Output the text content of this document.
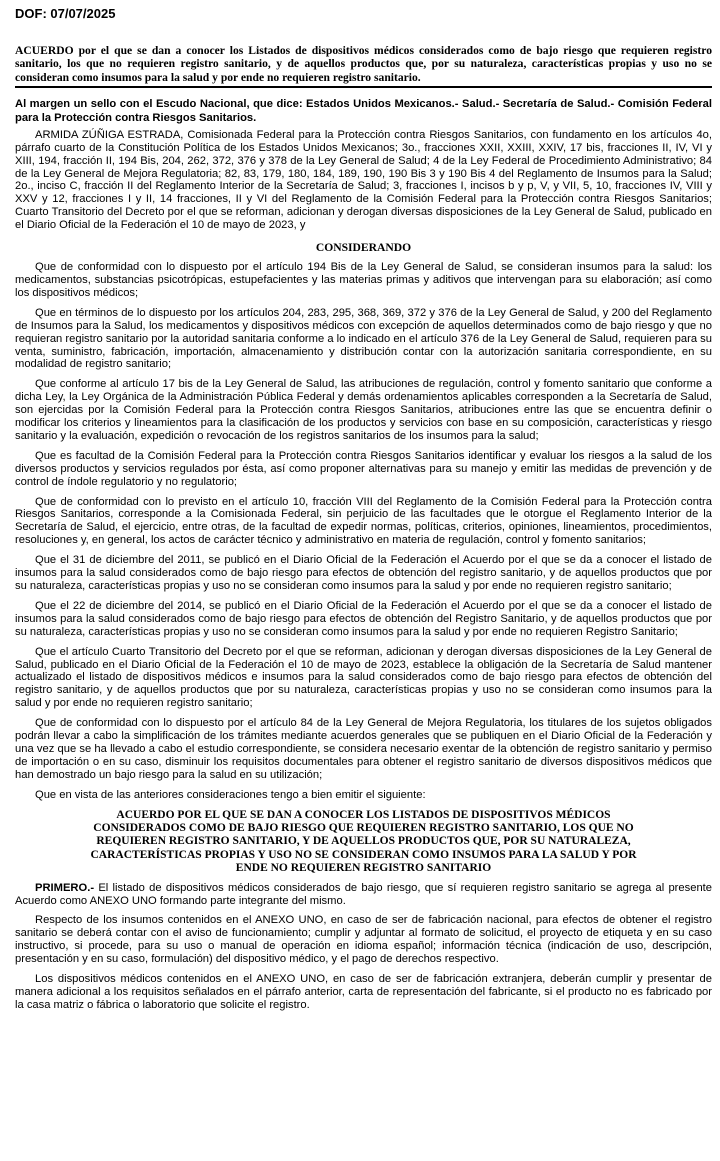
DOF: 07/07/2025
ACUERDO por el que se dan a conocer los Listados de dispositivos médicos considerados como de bajo riesgo que requieren registro sanitario, los que no requieren registro sanitario, y de aquellos productos que, por su naturaleza, características propias y uso no se consideran como insumos para la salud y por ende no requieren registro sanitario.
Al margen un sello con el Escudo Nacional, que dice: Estados Unidos Mexicanos.- Salud.- Secretaría de Salud.- Comisión Federal para la Protección contra Riesgos Sanitarios.

ARMIDA ZÚÑIGA ESTRADA, Comisionada Federal para la Protección contra Riesgos Sanitarios, con fundamento en los artículos 4o, párrafo cuarto de la Constitución Política de los Estados Unidos Mexicanos; 3o., fracciones XXII, XXIII, XXIV, 17 bis, fracciones II, IV, VI y XIII, 194, fracción II, 194 Bis, 204, 262, 372, 376 y 378 de la Ley General de Salud; 4 de la Ley Federal de Procedimiento Administrativo; 84 de la Ley General de Mejora Regulatoria; 82, 83, 179, 180, 184, 189, 190, 190 Bis 3 y 190 Bis 4 del Reglamento de Insumos para la Salud; 2o., inciso C, fracción II del Reglamento Interior de la Secretaría de Salud; 3, fracciones I, incisos b y p, V, y VII, 5, 10, fracciones IV, VIII y XXV y 12, fracciones I y II, 14 fracciones, II y VI del Reglamento de la Comisión Federal para la Protección contra Riesgos Sanitarios; Cuarto Transitorio del Decreto por el que se reforman, adicionan y derogan diversas disposiciones de la Ley General de Salud, publicado en el Diario Oficial de la Federación el 10 de mayo de 2023, y

CONSIDERANDO

Que de conformidad con lo dispuesto por el artículo 194 Bis de la Ley General de Salud, se consideran insumos para la salud: los medicamentos, substancias psicotrópicas, estupefacientes y las materias primas y aditivos que intervengan para su elaboración; así como los dispositivos médicos;

Que en términos de lo dispuesto por los artículos 204, 283, 295, 368, 369, 372 y 376 de la Ley General de Salud, y 200 del Reglamento de Insumos para la Salud, los medicamentos y dispositivos médicos con excepción de aquellos determinados como de bajo riesgo y que no requieran registro sanitario por la autoridad sanitaria conforme a lo indicado en el artículo 376 de la Ley General de Salud, requieren para su venta, suministro, fabricación, importación, almacenamiento y distribución contar con la autorización sanitaria correspondiente, en su modalidad de registro sanitario;

Que conforme al artículo 17 bis de la Ley General de Salud, las atribuciones de regulación, control y fomento sanitario que conforme a dicha Ley, la Ley Orgánica de la Administración Pública Federal y demás ordenamientos aplicables corresponden a la Secretaría de Salud, son ejercidas por la Comisión Federal para la Protección contra Riesgos Sanitarios, atribuciones entre las que se encuentra definir o modificar los criterios y lineamientos para la clasificación de los productos y servicios con base en su composición, características y riesgo sanitario y la evaluación, expedición o revocación de los registros sanitarios de los insumos para la salud;

Que es facultad de la Comisión Federal para la Protección contra Riesgos Sanitarios identificar y evaluar los riesgos a la salud de los diversos productos y servicios regulados por ésta, así como proponer alternativas para su manejo y emitir las medidas de prevención y de control de índole regulatorio y no regulatorio;

Que de conformidad con lo previsto en el artículo 10, fracción VIII del Reglamento de la Comisión Federal para la Protección contra Riesgos Sanitarios, corresponde a la Comisionada Federal, sin perjuicio de las facultades que le otorgue el Reglamento Interior de la Secretaría de Salud, el ejercicio, entre otras, de la facultad de expedir normas, políticas, criterios, opiniones, lineamientos, procedimientos, resoluciones y, en general, los actos de carácter técnico y administrativo en materia de regulación, control y fomento sanitarios;

Que el 31 de diciembre del 2011, se publicó en el Diario Oficial de la Federación el Acuerdo por el que se da a conocer el listado de insumos para la salud considerados como de bajo riesgo para efectos de obtención del registro sanitario, y de aquellos productos que por su naturaleza, características propias y uso no se consideran como insumos para la salud y por ende no requieren registro sanitario;

Que el 22 de diciembre del 2014, se publicó en el Diario Oficial de la Federación el Acuerdo por el que se da a conocer el listado de insumos para la salud considerados como de bajo riesgo para efectos de obtención del Registro Sanitario, y de aquellos productos que por su naturaleza, características propias y uso no se consideran como insumos para la salud y por ende no requieren Registro Sanitario;

Que el artículo Cuarto Transitorio del Decreto por el que se reforman, adicionan y derogan diversas disposiciones de la Ley General de Salud, publicado en el Diario Oficial de la Federación el 10 de mayo de 2023, establece la obligación de la Secretaría de Salud mantener actualizado el listado de dispositivos médicos e insumos para la salud considerados como de bajo riesgo para efectos de obtención del registro sanitario, y de aquellos productos que por su naturaleza, características propias y uso no se consideran como insumos para la salud y por ende no requieren registro sanitario;

Que de conformidad con lo dispuesto por el artículo 84 de la Ley General de Mejora Regulatoria, los titulares de los sujetos obligados podrán llevar a cabo la simplificación de los trámites mediante acuerdos generales que se publiquen en el Diario Oficial de la Federación y una vez que se ha llevado a cabo el estudio correspondiente, se considera necesario exentar de la obtención de registro sanitario y permiso de importación o en su caso, disminuir los requisitos documentales para obtener el registro sanitario de diversos dispositivos médicos que han demostrado un bajo riesgo para la salud en su utilización;

Que en vista de las anteriores consideraciones tengo a bien emitir el siguiente:

ACUERDO POR EL QUE SE DAN A CONOCER LOS LISTADOS DE DISPOSITIVOS MÉDICOS CONSIDERADOS COMO DE BAJO RIESGO QUE REQUIEREN REGISTRO SANITARIO, LOS QUE NO REQUIEREN REGISTRO SANITARIO, Y DE AQUELLOS PRODUCTOS QUE, POR SU NATURALEZA, CARACTERÍSTICAS PROPIAS Y USO NO SE CONSIDERAN COMO INSUMOS PARA LA SALUD Y POR ENDE NO REQUIEREN REGISTRO SANITARIO

PRIMERO.- El listado de dispositivos médicos considerados de bajo riesgo, que sí requieren registro sanitario se agrega al presente Acuerdo como ANEXO UNO formando parte integrante del mismo.

Respecto de los insumos contenidos en el ANEXO UNO, en caso de ser de fabricación nacional, para efectos de obtener el registro sanitario se deberá contar con el aviso de funcionamiento; cumplir y adjuntar al formato de solicitud, el proyecto de etiqueta y en su caso instructivo, si procede, para su uso o manual de operación en idioma español; información técnica (indicación de uso, descripción, presentación y en su caso, formulación) del dispositivo médico, y el pago de derechos respectivo.

Los dispositivos médicos contenidos en el ANEXO UNO, en caso de ser de fabricación extranjera, deberán cumplir y presentar de manera adicional a los requisitos señalados en el párrafo anterior, carta de representación del fabricante, si el producto no es fabricado por la casa matriz o fábrica o laboratorio que solicite el registro.
